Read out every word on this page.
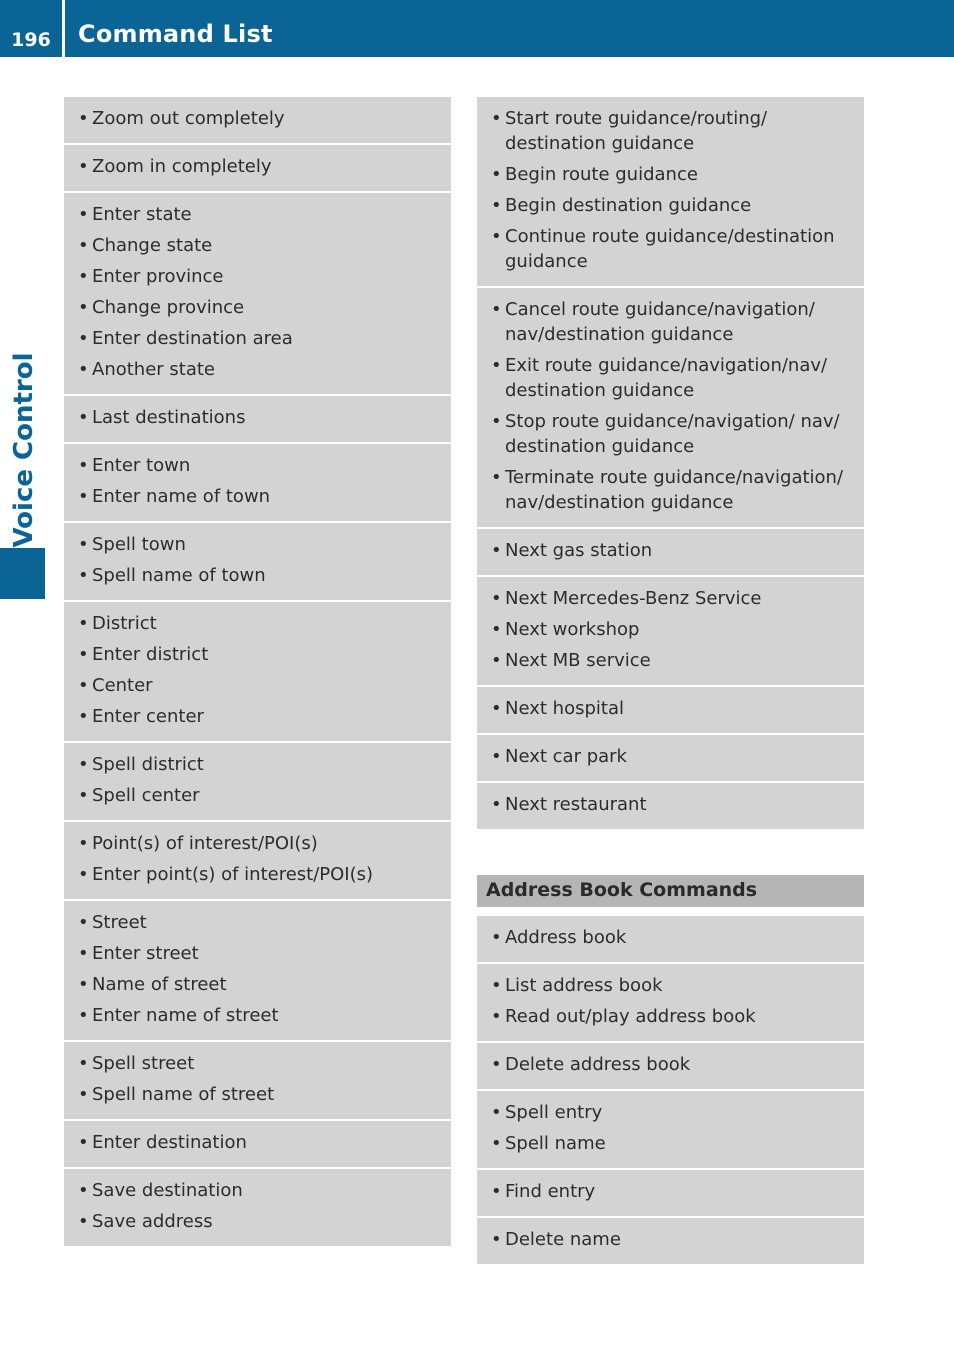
196	Command List
Voice Control
• Zoom out completely
• Zoom in completely
• Enter state
• Change state
• Enter province
• Change province
• Enter destination area
• Another state
• Last destinations
• Enter town
• Enter name of town
• Spell town
• Spell name of town
• District
• Enter district
• Center
• Enter center
• Spell district
• Spell center
• Point(s) of interest/POI(s)
• Enter point(s) of interest/POI(s)
• Street
• Enter street
• Name of street
• Enter name of street
• Spell street
• Spell name of street
• Enter destination
• Save destination
• Save address
• Start route guidance/routing/ destination guidance
• Begin route guidance
• Begin destination guidance
• Continue route guidance/destination guidance
• Cancel route guidance/navigation/ nav/destination guidance
• Exit route guidance/navigation/nav/ destination guidance
• Stop route guidance/navigation/ nav/ destination guidance
• Terminate route guidance/navigation/ nav/destination guidance
• Next gas station
• Next Mercedes-Benz Service
• Next workshop
• Next MB service
• Next hospital
• Next car park
• Next restaurant
Address Book Commands
• Address book
• List address book
• Read out/play address book
• Delete address book
• Spell entry
• Spell name
• Find entry
• Delete name
